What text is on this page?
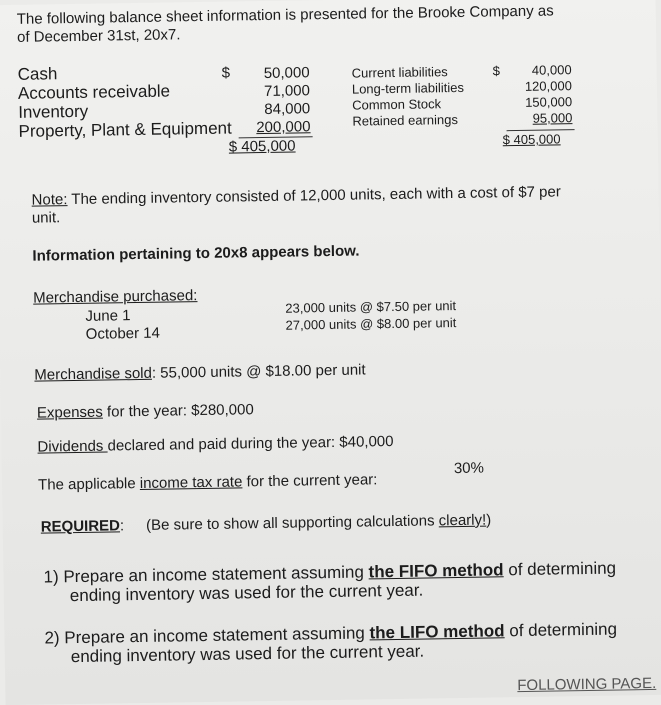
The following balance sheet information is presented for the Brooke Company as
of December 31st, 20x7.
Cash
Accounts receivable
Inventory
Property, Plant & Equipment
$	50,000
71,000
84,000
200,000
$ 405,000
Current liabilities
Long-term liabilities
Common Stock
Retained earnings
$	40,000
120,000
150,000
95,000
$ 405,000
Note: The ending inventory consisted of 12,000 units, each with a cost of $7 per
unit.
Information pertaining to 20x8 appears below.
Merchandise purchased:
June 1
October 14
23,000 units @ $7.50 per unit
27,000 units @ $8.00 per unit
Merchandise sold: 55,000 units @ $18.00 per unit
Expenses for the year: $280,000
Dividends declared and paid during the year: $40,000
The applicable income tax rate for the current year:
30%
REQUIRED: (Be sure to show all supporting calculations clearly!)

1) Prepare an income statement assuming the FIFO method of determining
ending inventory was used for the current year.
2) Prepare an income statement assuming the LIFO method of determining
ending inventory was used for the current year.
FOLLOWING PAGE.
